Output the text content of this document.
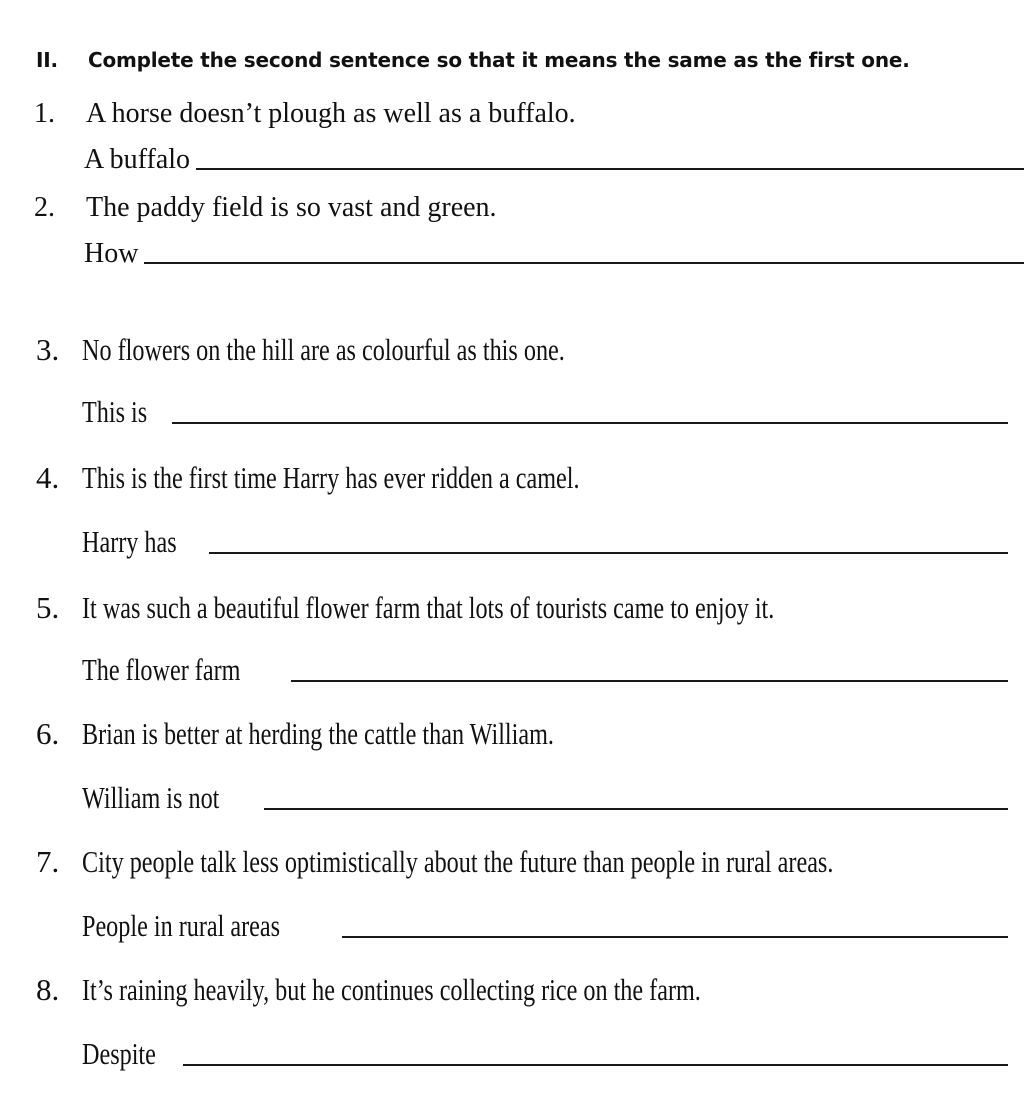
II. Complete the second sentence so that it means the same as the first one.
1. A horse doesn’t plough as well as a buffalo.
A buffalo
2. The paddy field is so vast and green.
How
3. No flowers on the hill are as colourful as this one.
This is
4. This is the first time Harry has ever ridden a camel.
Harry has
5. It was such a beautiful flower farm that lots of tourists came to enjoy it.
The flower farm
6. Brian is better at herding the cattle than William.
William is not
7. City people talk less optimistically about the future than people in rural areas.
People in rural areas
8. It’s raining heavily, but he continues collecting rice on the farm.
Despite
